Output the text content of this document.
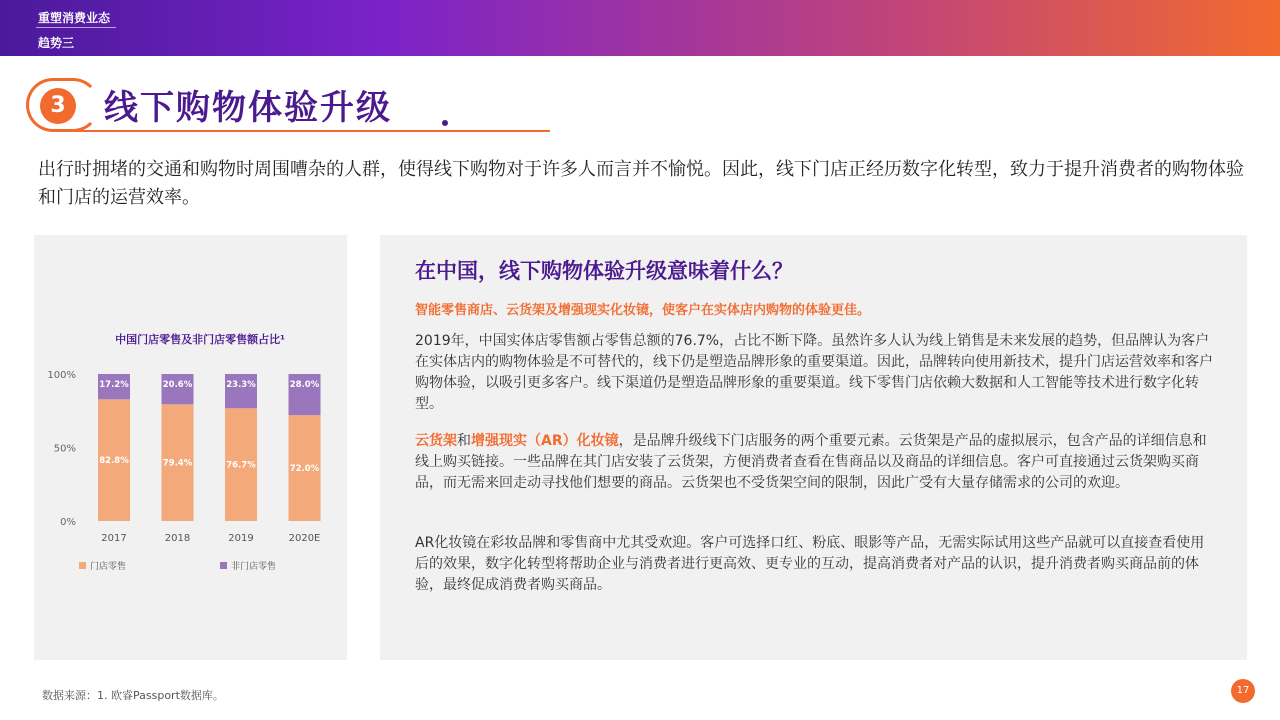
重塑消费业态
趋势三
3	线下购物体验升级
出行时拥堵的交通和购物时周围嘈杂的人群，使得线下购物对于许多人而言并不愉悦。因此，线下门店正经历数字化转型，致力于提升消费者的购物体验和门店的运营效率。
中国门店零售及非门店零售额占比¹
0%
50%
100%
2017	2018	2019	2020E
82.8%
17.2%
79.4%
20.6%
76.7%
23.3%
72.0%
28.0%
门店零售	非门店零售
在中国，线下购物体验升级意味着什么？
智能零售商店、云货架及增强现实化妆镜，使客户在实体店内购物的体验更佳。
2019年，中国实体店零售额占零售总额的76.7%，占比不断下降。虽然许多人认为线上销售是未来发展的趋势，但品牌认为客户在实体店内的购物体验是不可替代的，线下仍是塑造品牌形象的重要渠道。因此，品牌转向使用新技术，提升门店运营效率和客户购物体验，以吸引更多客户。线下渠道仍是塑造品牌形象的重要渠道。线下零售门店依赖大数据和人工智能等技术进行数字化转型。
云货架和增强现实（AR）化妆镜，是品牌升级线下门店服务的两个重要元素。云货架是产品的虚拟展示，包含产品的详细信息和线上购买链接。一些品牌在其门店安装了云货架，方便消费者查看在售商品以及商品的详细信息。客户可直接通过云货架购买商品，而无需来回走动寻找他们想要的商品。云货架也不受货架空间的限制，因此广受有大量存储需求的公司的欢迎。
AR化妆镜在彩妆品牌和零售商中尤其受欢迎。客户可选择口红、粉底、眼影等产品，无需实际试用这些产品就可以直接查看使用后的效果，数字化转型将帮助企业与消费者进行更高效、更专业的互动，提高消费者对产品的认识，提升消费者购买商品前的体验，最终促成消费者购买商品。
数据来源：1. 欧睿Passport数据库。	17
